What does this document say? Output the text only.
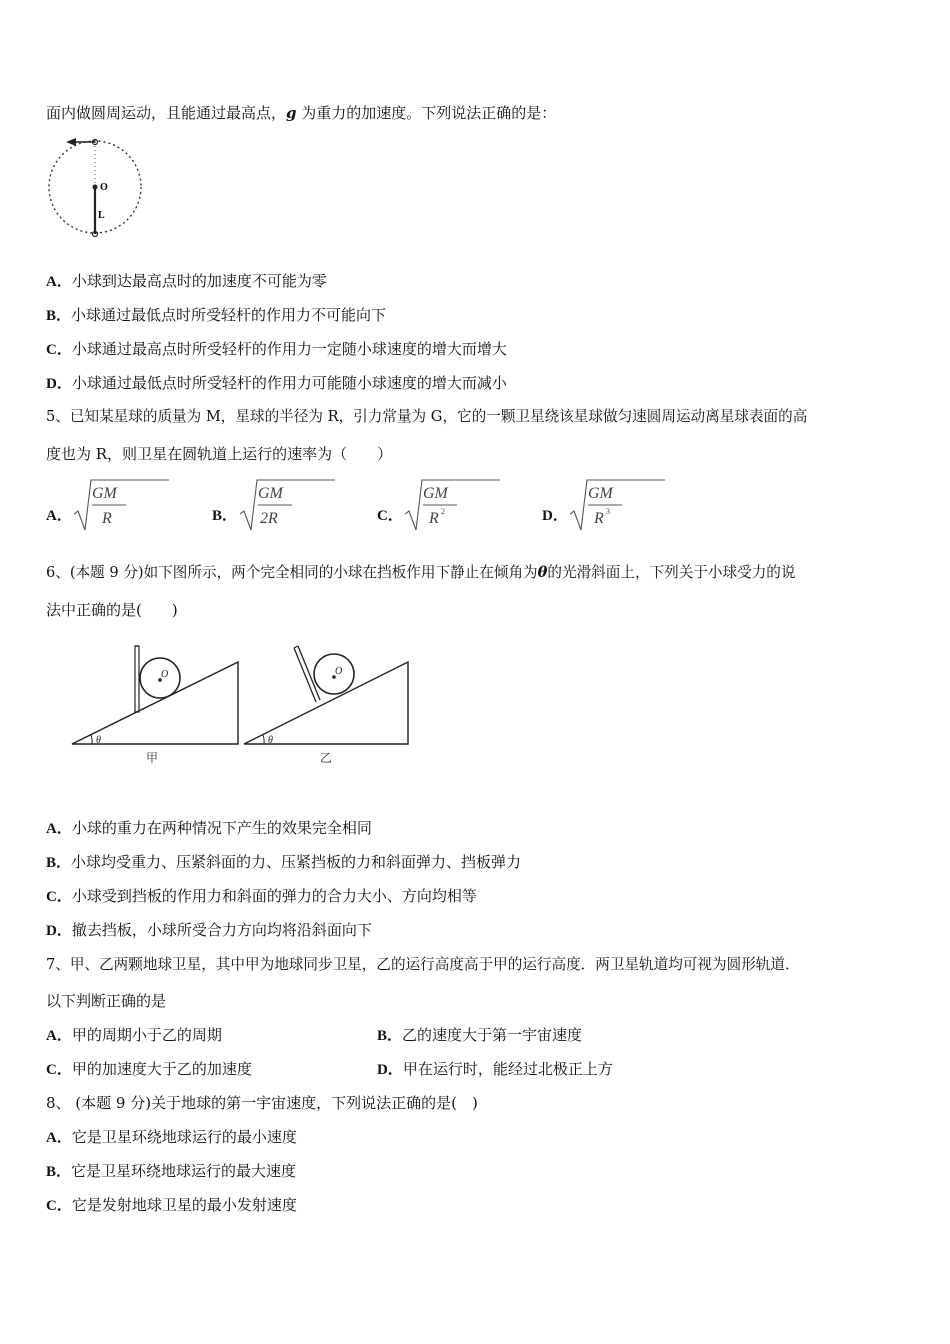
面内做圆周运动，且能通过最高点，g 为重力的加速度。下列说法正确的是：
O
L
A．小球到达最高点时的加速度不可能为零
B．小球通过最低点时所受轻杆的作用力不可能向下
C．小球通过最高点时所受轻杆的作用力一定随小球速度的增大而增大
D．小球通过最低点时所受轻杆的作用力可能随小球速度的增大而减小
5、已知某星球的质量为 M，星球的半径为 R，引力常量为 G，它的一颗卫星绕该星球做匀速圆周运动离星球表面的高
度也为 R，则卫星在圆轨道上运行的速率为（　　）
A．
GM
R	B．
GM
2R	C．
GM
R 2	D．
GM
R 3
6、(本题 9 分)如下图所示，两个完全相同的小球在挡板作用下静止在倾角为θ的光滑斜面上，下列关于小球受力的说
法中正确的是(　　)
O
θ
甲
O
θ
乙
A．小球的重力在两种情况下产生的效果完全相同
B．小球均受重力、压紧斜面的力、压紧挡板的力和斜面弹力、挡板弹力
C．小球受到挡板的作用力和斜面的弹力的合力大小、方向均相等
D．撤去挡板，小球所受合力方向均将沿斜面向下
7、甲、乙两颗地球卫星，其中甲为地球同步卫星，乙的运行高度高于甲的运行高度．两卫星轨道均可视为圆形轨道．
以下判断正确的是
A．甲的周期小于乙的周期	B．乙的速度大于第一宇宙速度
C．甲的加速度大于乙的加速度	D．甲在运行时，能经过北极正上方
8、 (本题 9 分)关于地球的第一宇宙速度，下列说法正确的是(　)
A．它是卫星环绕地球运行的最小速度
B．它是卫星环绕地球运行的最大速度
C．它是发射地球卫星的最小发射速度
